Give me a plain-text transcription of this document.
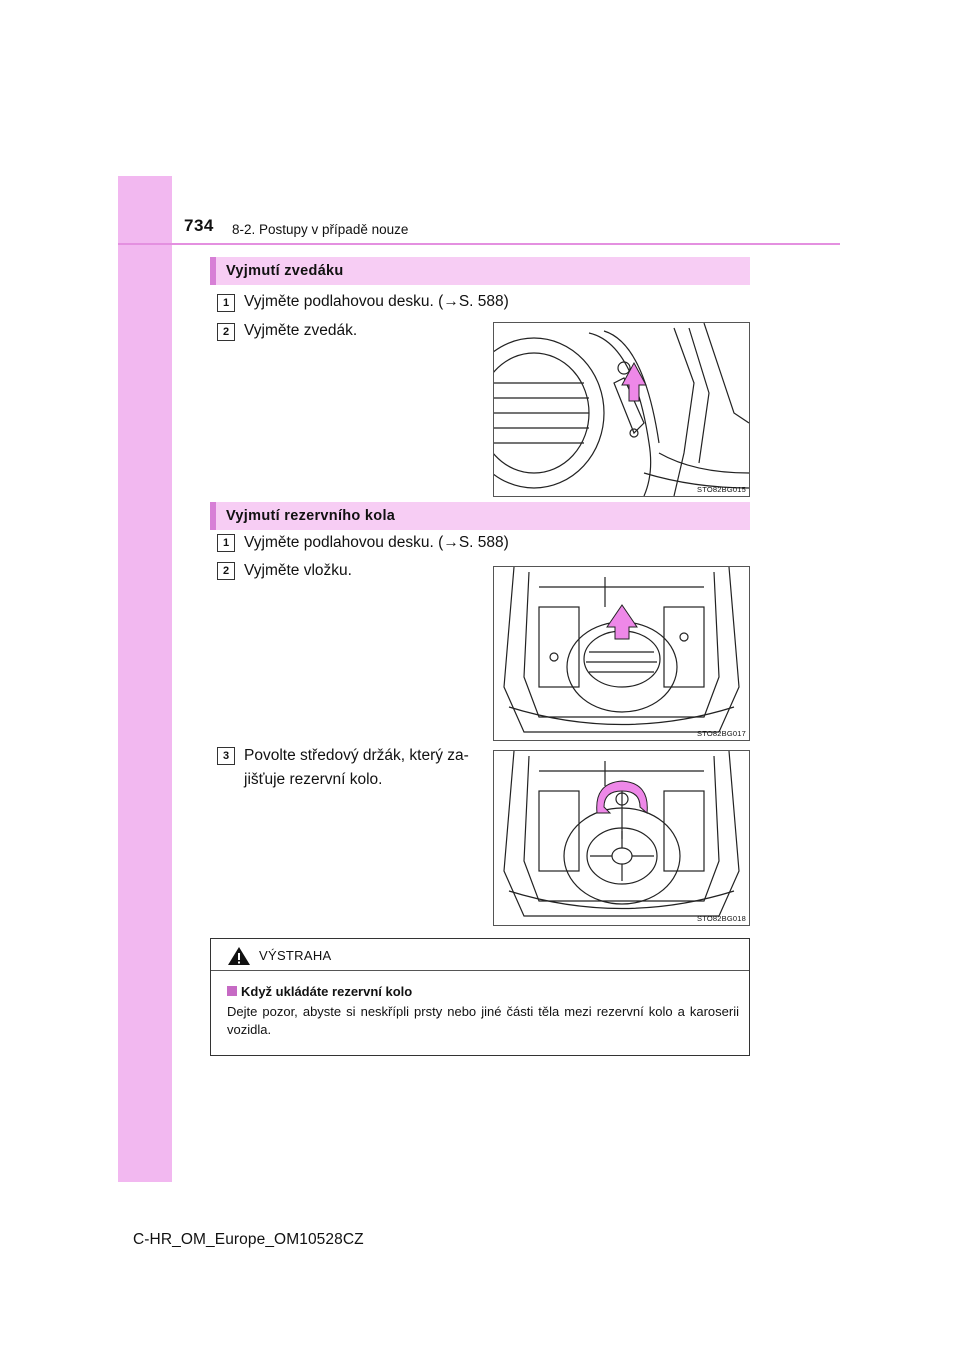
734 8-2. Postupy v případě nouze
Vyjmutí zvedáku
1 Vyjměte podlahovou desku. (→S. 588)
2 Vyjměte zvedák.
STO82BG015
Vyjmutí rezervního kola
1 Vyjměte podlahovou desku. (→S. 588)
2 Vyjměte vložku.
STO82BG017
3 Povolte středový držák, který za-
jišťuje rezervní kolo.
STO82BG018
VÝSTRAHA
Když ukládáte rezervní kolo
Dejte pozor, abyste si neskřípli prsty nebo jiné části těla mezi rezervní kolo a karoserii vozidla.
C-HR_OM_Europe_OM10528CZ
